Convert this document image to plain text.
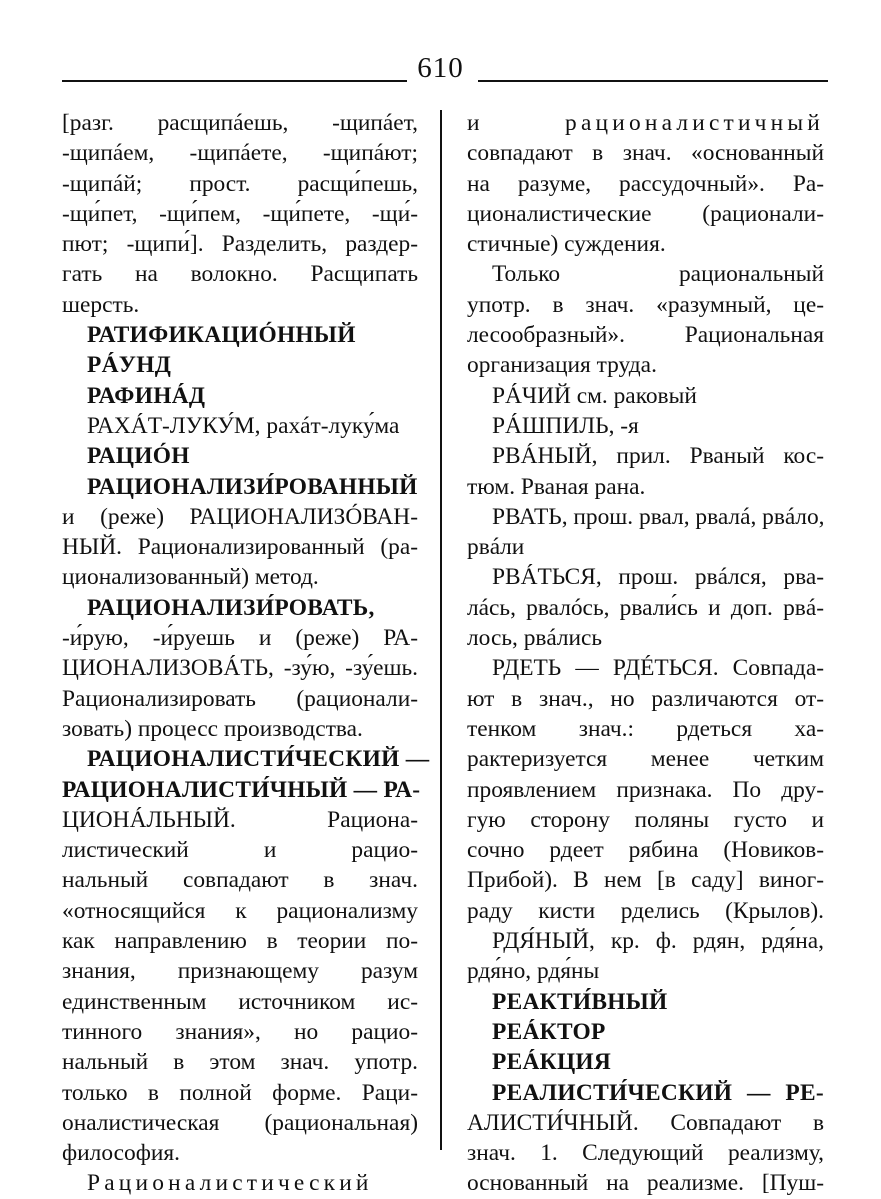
610
[разг. расщипáешь, -щипáет,
-щипáем, -щипáете, -щипáют;
-щипáй; прост. расщи́пешь,
-щи́пет, -щи́пем, -щи́пете, -щи́-
пют; -щипи́]. Разделить, раздер-
гать на волокно. Расщипать
шерсть.
РАТИФИКАЦИÓННЫЙ
РÁУНД
РАФИНÁД
РАХÁТ-ЛУКУ́М, рахáт-луку́ма
РАЦИÓН
РАЦИОНАЛИЗИ́РОВАННЫЙ
и (реже) РАЦИОНАЛИЗÓВАН-
НЫЙ. Рационализированный (ра-
ционализованный) метод.
РАЦИОНАЛИЗИ́РОВАТЬ,
-и́рую, -и́руешь и (реже) РА-
ЦИОНАЛИЗОВÁТЬ, -зу́ю, -зу́ешь.
Рационализировать (рационали-
зовать) процесс производства.
РАЦИОНАЛИСТИ́ЧЕСКИЙ —
РАЦИОНАЛИСТИ́ЧНЫЙ — РА-
ЦИОНÁЛЬНЫЙ. Рациона-
листический и рацио-
нальный совпадают в знач.
«относящийся к рационализму
как направлению в теории по-
знания, признающему разум
единственным источником ис-
тинного знания», но рацио-
нальный в этом знач. употр.
только в полной форме. Раци-
оналистическая (рациональная)
философия.
Рационалистический
и рационалистичный
совпадают в знач. «основанный
на разуме, рассудочный». Ра-
ционалистические (рационали-
стичные) суждения.
Только рациональный
употр. в знач. «разумный, це-
лесообразный». Рациональная
организация труда.
РÁЧИЙ см. раковый
РÁШПИЛЬ, -я
РВÁНЫЙ, прил. Рваный кос-
тюм. Рваная рана.
РВАТЬ, прош. рвал, рвалá, рвáло,
рвáли
РВÁТЬСЯ, прош. рвáлся, рва-
лáсь, рвалóсь, рвали́сь и доп. рвá-
лось, рвáлись
РДЕТЬ — РДÉТЬСЯ. Совпада-
ют в знач., но различаются от-
тенком знач.: рдеться ха-
рактеризуется менее четким
проявлением признака. По дру-
гую сторону поляны густо и
сочно рдеет рябина (Новиков-
Прибой). В нем [в саду] виног-
раду кисти рделись (Крылов).
РДЯ́НЫЙ, кр. ф. рдян, рдя́на,
рдя́но, рдя́ны
РЕАКТИ́ВНЫЙ
РЕÁКТОР
РЕÁКЦИЯ
РЕАЛИСТИ́ЧЕСКИЙ — РЕ-
АЛИСТИ́ЧНЫЙ. Совпадают в
знач. 1. Следующий реализму,
основанный на реализме. [Пуш-
